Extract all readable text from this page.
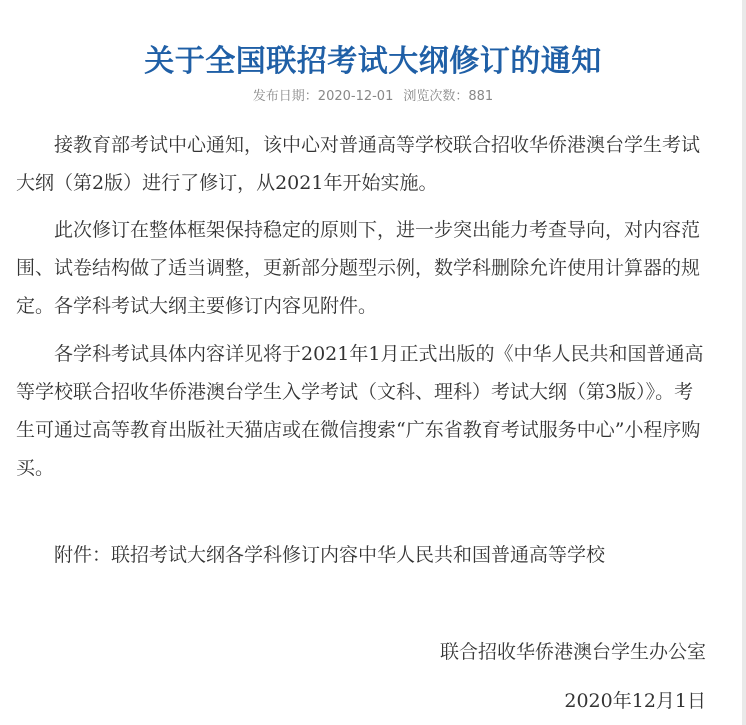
关于全国联招考试大纲修订的通知
发布日期：2020-12-01 浏览次数：881

接教育部考试中心通知，该中心对普通高等学校联合招收华侨港澳台学生考试大纲（第2版）进行了修订，从2021年开始实施。

此次修订在整体框架保持稳定的原则下，进一步突出能力考查导向，对内容范围、试卷结构做了适当调整，更新部分题型示例，数学科删除允许使用计算器的规定。各学科考试大纲主要修订内容见附件。

各学科考试具体内容详见将于2021年1月正式出版的《中华人民共和国普通高等学校联合招收华侨港澳台学生入学考试（文科、理科）考试大纲（第3版）》。考生可通过高等教育出版社天猫店或在微信搜索“广东省教育考试服务中心”小程序购买。

附件：联招考试大纲各学科修订内容中华人民共和国普通高等学校

联合招收华侨港澳台学生办公室

2020年12月1日
